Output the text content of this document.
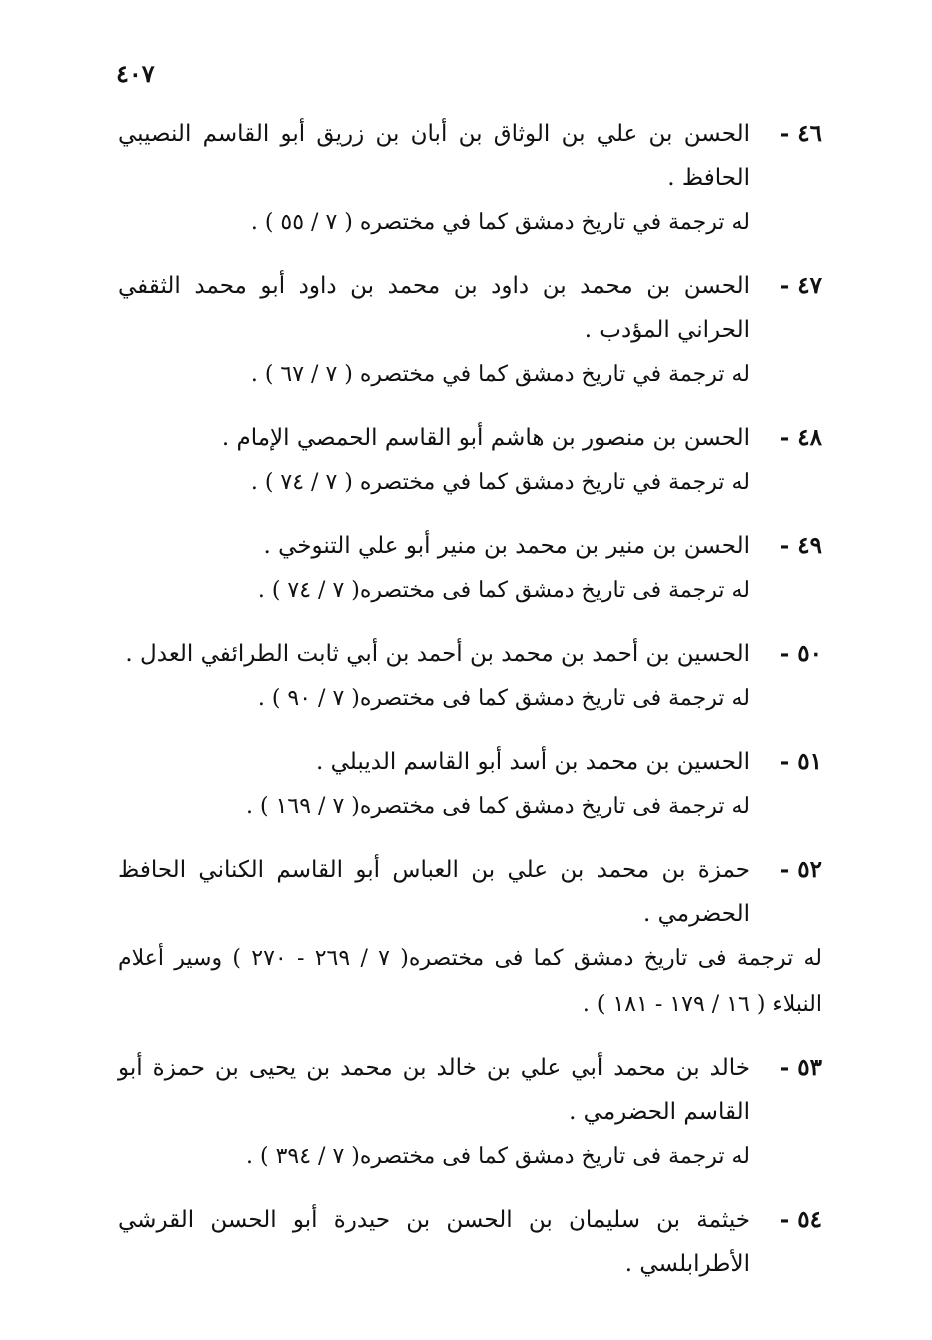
٤٠٧
٤٦ -
الحسن بن علي بن الوثاق بن أبان بن زريق أبو القاسم النصيبي الحافظ .
له ترجمة في تاريخ دمشق كما في مختصره ( ٧ / ٥٥ ) .
٤٧ -
الحسن بن محمد بن داود بن محمد بن داود أبو محمد الثقفي الحراني المؤدب .
له ترجمة في تاريخ دمشق كما في مختصره ( ٧ / ٦٧ ) .
٤٨ -
الحسن بن منصور بن هاشم أبو القاسم الحمصي الإمام .
له ترجمة في تاريخ دمشق كما في مختصره ( ٧ / ٧٤ ) .
٤٩ -
الحسن بن منير بن محمد بن منير أبو علي التنوخي .
له ترجمة فى تاريخ دمشق كما فى مختصره( ٧ / ٧٤ ) .
٥٠ -
الحسين بن أحمد بن محمد بن أحمد بن أبي ثابت الطرائفي العدل .
له ترجمة فى تاريخ دمشق كما فى مختصره( ٧ / ٩٠ ) .
٥١ -
الحسين بن محمد بن أسد أبو القاسم الديبلي .
له ترجمة فى تاريخ دمشق كما فى مختصره( ٧ / ١٦٩ ) .
٥٢ -
حمزة بن محمد بن علي بن العباس أبو القاسم الكناني الحافظ الحضرمي .
له ترجمة فى تاريخ دمشق كما فى مختصره( ٧ / ٢٦٩ - ٢٧٠ ) وسير أعلام النبلاء ( ١٦ / ١٧٩ - ١٨١ ) .
٥٣ -
خالد بن محمد أبي علي بن خالد بن محمد بن يحيى بن حمزة أبو القاسم الحضرمي .
له ترجمة فى تاريخ دمشق كما فى مختصره( ٧ / ٣٩٤ ) .
٥٤ -
خيثمة بن سليمان بن الحسن بن حيدرة أبو الحسن القرشي الأطرابلسي .
